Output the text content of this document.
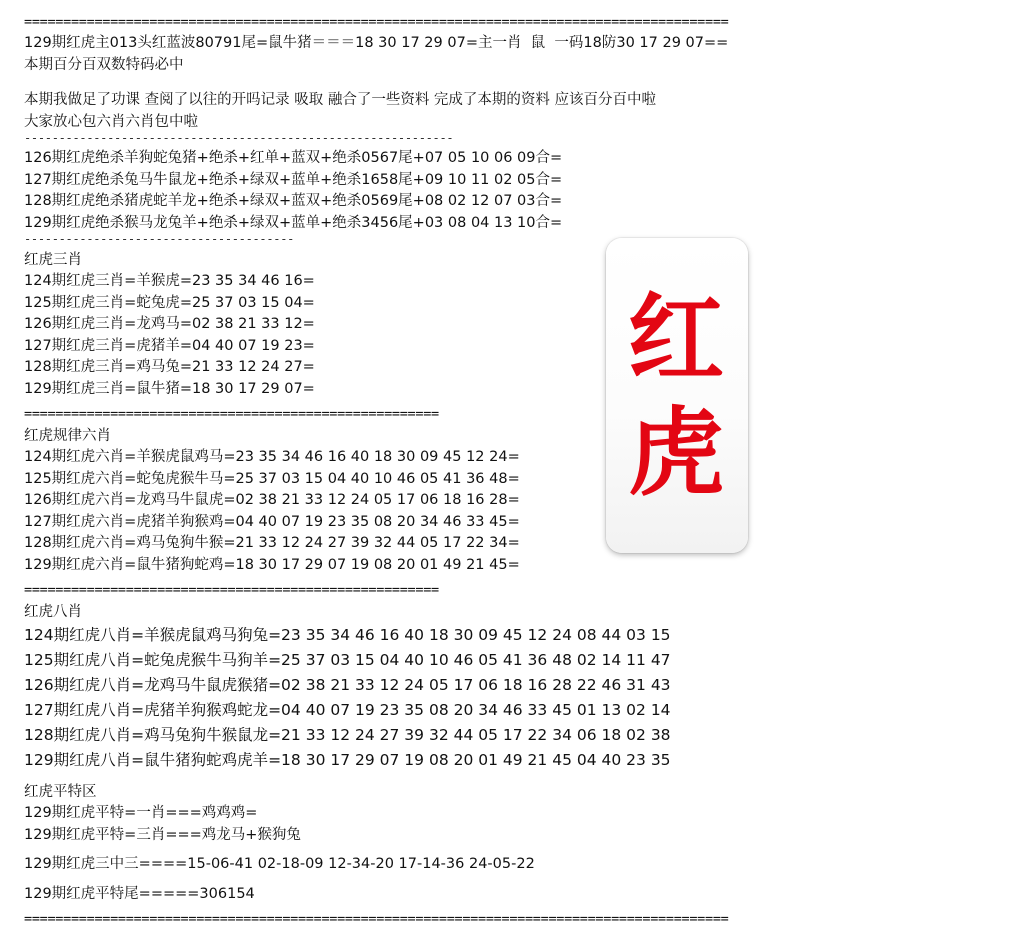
==========================================================================================
129期红虎主013头红蓝波80791尾=鼠牛猪＝＝＝18 30 17 29 07=主一肖  鼠  一码18防30 17 29 07==
本期百分百双数特码必中
本期我做足了功课 查阅了以往的开吗记录 吸取 融合了一些资料 完成了本期的资料 应该百分百中啦
大家放心包六肖六肖包中啦
--------------------------------------------------------------
126期红虎绝杀羊狗蛇兔猪+绝杀+红单+蓝双+绝杀0567尾+07 05 10 06 09合=
127期红虎绝杀兔马牛鼠龙+绝杀+绿双+蓝单+绝杀1658尾+09 10 11 02 05合=
128期红虎绝杀猪虎蛇羊龙+绝杀+绿双+蓝双+绝杀0569尾+08 02 12 07 03合=
129期红虎绝杀猴马龙兔羊+绝杀+绿双+蓝单+绝杀3456尾+03 08 04 13 10合=
---------------------------------------
红虎三肖
124期红虎三肖=羊猴虎=23 35 34 46 16=
125期红虎三肖=蛇兔虎=25 37 03 15 04=
126期红虎三肖=龙鸡马=02 38 21 33 12=
127期红虎三肖=虎猪羊=04 40 07 19 23=
128期红虎三肖=鸡马兔=21 33 12 24 27=
129期红虎三肖=鼠牛猪=18 30 17 29 07=
=====================================================
红虎规律六肖
124期红虎六肖=羊猴虎鼠鸡马=23 35 34 46 16 40 18 30 09 45 12 24=
125期红虎六肖=蛇兔虎猴牛马=25 37 03 15 04 40 10 46 05 41 36 48=
126期红虎六肖=龙鸡马牛鼠虎=02 38 21 33 12 24 05 17 06 18 16 28=
127期红虎六肖=虎猪羊狗猴鸡=04 40 07 19 23 35 08 20 34 46 33 45=
128期红虎六肖=鸡马兔狗牛猴=21 33 12 24 27 39 32 44 05 17 22 34=
129期红虎六肖=鼠牛猪狗蛇鸡=18 30 17 29 07 19 08 20 01 49 21 45=
=====================================================
红虎八肖
124期红虎八肖=羊猴虎鼠鸡马狗兔=23 35 34 46 16 40 18 30 09 45 12 24 08 44 03 15
125期红虎八肖=蛇兔虎猴牛马狗羊=25 37 03 15 04 40 10 46 05 41 36 48 02 14 11 47
126期红虎八肖=龙鸡马牛鼠虎猴猪=02 38 21 33 12 24 05 17 06 18 16 28 22 46 31 43
127期红虎八肖=虎猪羊狗猴鸡蛇龙=04 40 07 19 23 35 08 20 34 46 33 45 01 13 02 14
128期红虎八肖=鸡马兔狗牛猴鼠龙=21 33 12 24 27 39 32 44 05 17 22 34 06 18 02 38
129期红虎八肖=鼠牛猪狗蛇鸡虎羊=18 30 17 29 07 19 08 20 01 49 21 45 04 40 23 35
红虎平特区
129期红虎平特=一肖===鸡鸡鸡=
129期红虎平特=三肖===鸡龙马+猴狗兔
129期红虎三中三====15-06-41 02-18-09 12-34-20 17-14-36 24-05-22
129期红虎平特尾=====306154
==========================================================================================
红
虎
